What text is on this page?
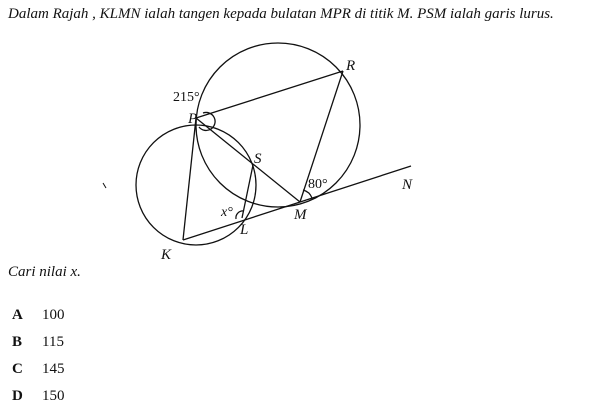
Dalam Rajah , KLMN ialah tangen kepada bulatan MPR di titik M. PSM ialah garis lurus.

P
R
S
M
N
L
K
215°
80°
x°

Cari nilai x.

A	100
B	115
C	145
D	150
